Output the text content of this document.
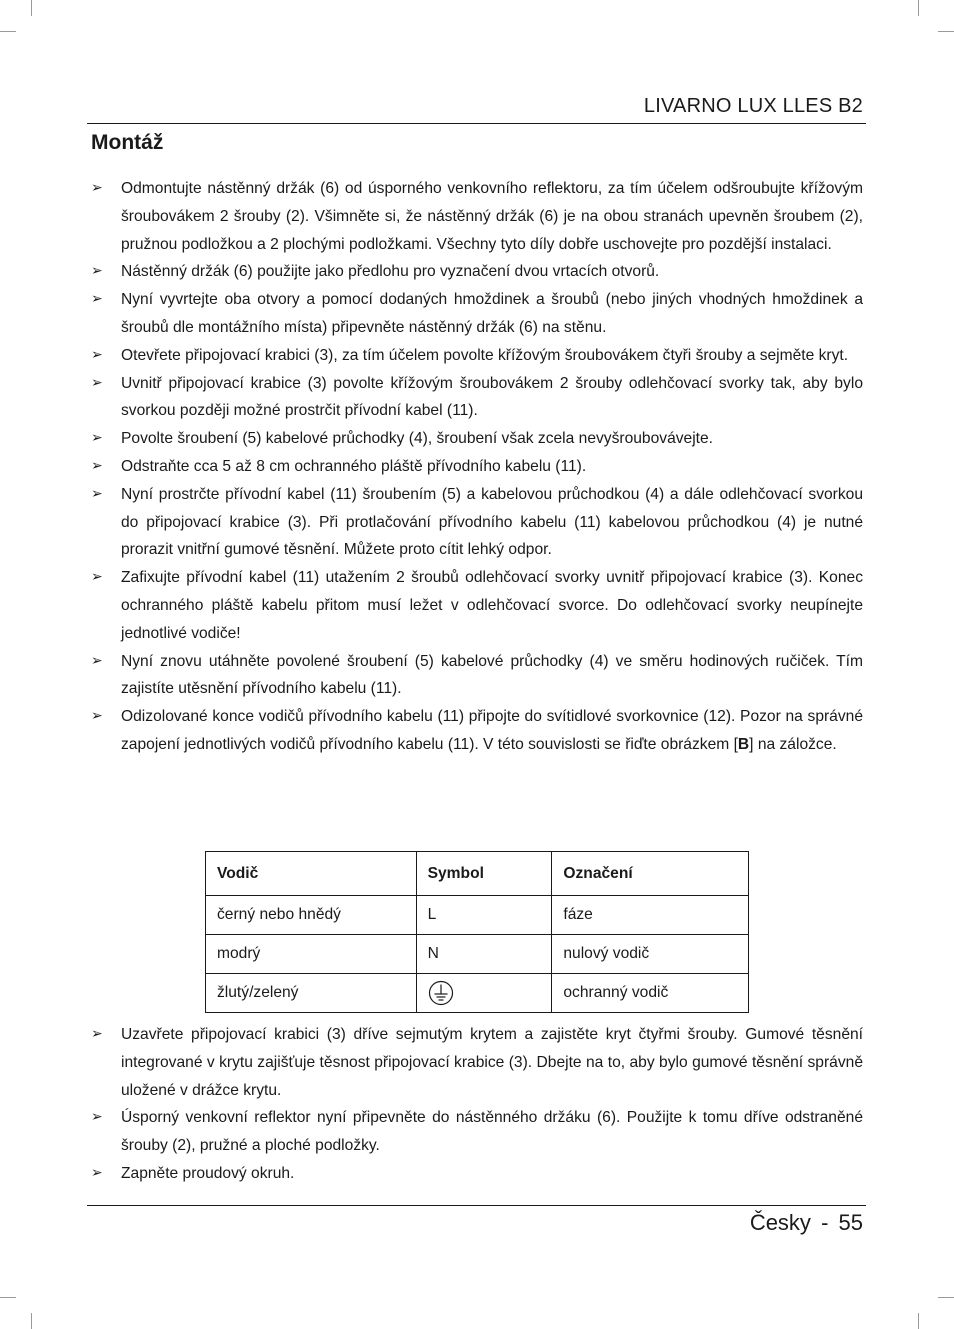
LIVARNO LUX LLES B2
Montáž
➢ Odmontujte nástěnný držák (6) od úsporného venkovního reflektoru, za tím účelem odšroubujte křížovým šroubovákem 2 šrouby (2). Všimněte si, že nástěnný držák (6) je na obou stranách upevněn šroubem (2), pružnou podložkou a 2 plochými podložkami. Všechny tyto díly dobře uschovejte pro pozdější instalaci.
➢ Nástěnný držák (6) použijte jako předlohu pro vyznačení dvou vrtacích otvorů.
➢ Nyní vyvrtejte oba otvory a pomocí dodaných hmoždinek a šroubů (nebo jiných vhodných hmoždinek a šroubů dle montážního místa) připevněte nástěnný držák (6) na stěnu.
➢ Otevřete připojovací krabici (3), za tím účelem povolte křížovým šroubovákem čtyři šrouby a sejměte kryt.
➢ Uvnitř připojovací krabice (3) povolte křížovým šroubovákem 2 šrouby odlehčovací svorky tak, aby bylo svorkou později možné prostrčit přívodní kabel (11).
➢ Povolte šroubení (5) kabelové průchodky (4), šroubení však zcela nevyšroubovávejte.
➢ Odstraňte cca 5 až 8 cm ochranného pláště přívodního kabelu (11).
➢ Nyní prostrčte přívodní kabel (11) šroubením (5) a kabelovou průchodkou (4) a dále odlehčovací svorkou do připojovací krabice (3). Při protlačování přívodního kabelu (11) kabelovou průchodkou (4) je nutné prorazit vnitřní gumové těsnění. Můžete proto cítit lehký odpor.
➢ Zafixujte přívodní kabel (11) utažením 2 šroubů odlehčovací svorky uvnitř připojovací krabice (3). Konec ochranného pláště kabelu přitom musí ležet v odlehčovací svorce. Do odlehčovací svorky neupínejte jednotlivé vodiče!
➢ Nyní znovu utáhněte povolené šroubení (5) kabelové průchodky (4) ve směru hodinových ručiček. Tím zajistíte utěsnění přívodního kabelu (11).
➢ Odizolované konce vodičů přívodního kabelu (11) připojte do svítidlové svorkovnice (12). Pozor na správné zapojení jednotlivých vodičů přívodního kabelu (11). V této souvislosti se řiďte obrázkem [B] na záložce.
Vodič	Symbol	Označení
černý nebo hnědý	L	fáze
modrý	N	nulový vodič
žlutý/zelený		ochranný vodič
➢ Uzavřete připojovací krabici (3) dříve sejmutým krytem a zajistěte kryt čtyřmi šrouby. Gumové těsnění integrované v krytu zajišťuje těsnost připojovací krabice (3). Dbejte na to, aby bylo gumové těsnění správně uložené v drážce krytu.
➢ Úsporný venkovní reflektor nyní připevněte do nástěnného držáku (6). Použijte k tomu dříve odstraněné šrouby (2), pružné a ploché podložky.
➢ Zapněte proudový okruh.
Česky - 55
